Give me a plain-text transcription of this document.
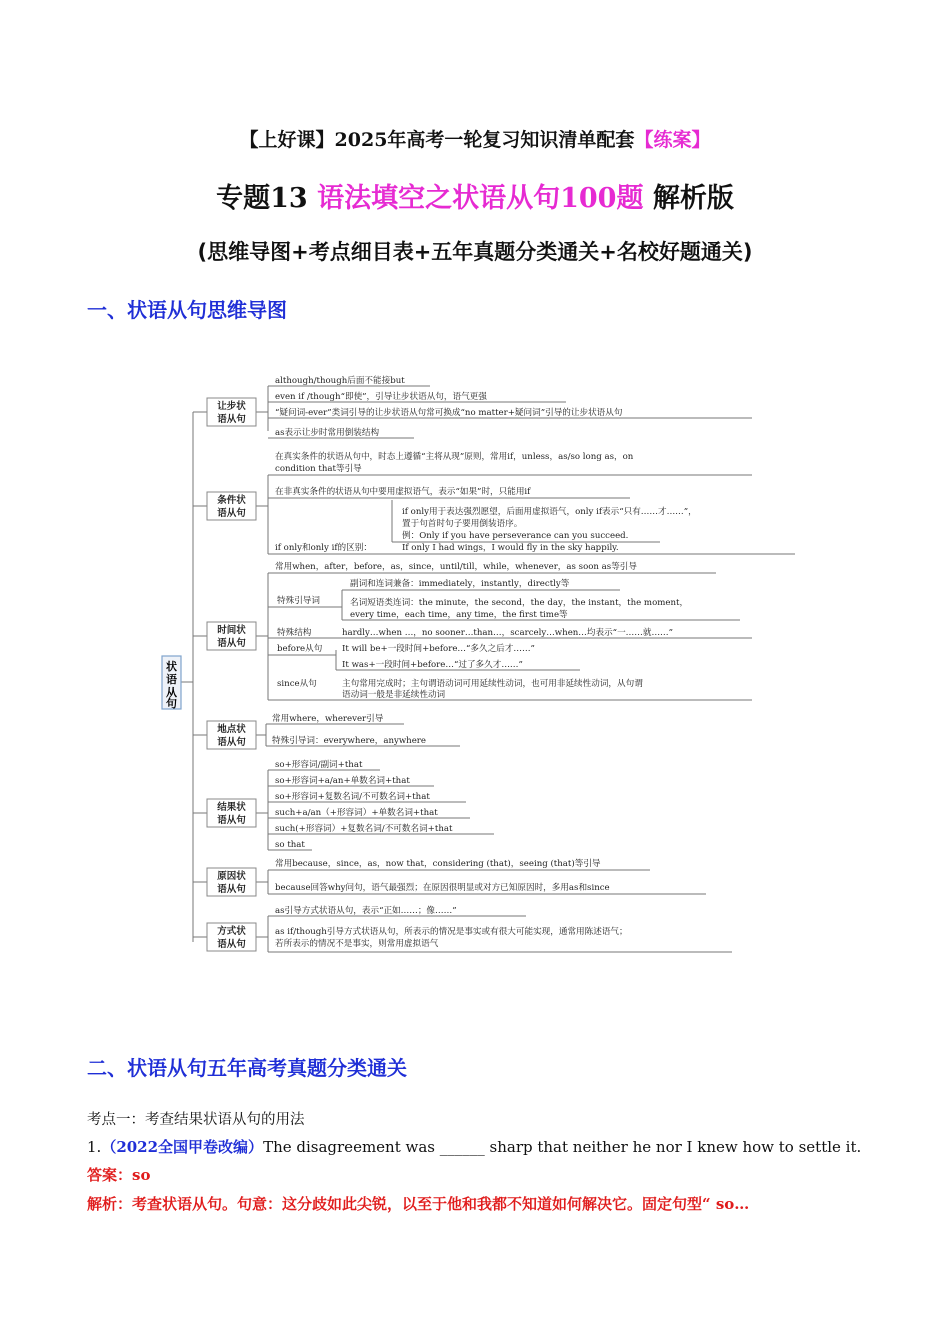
【上好课】2025年高考一轮复习知识清单配套【练案】
专题13 语法填空之状语从句100题 解析版
(思维导图+考点细目表+五年真题分类通关+名校好题通关)
一、状语从句思维导图
状
语
从
句
让步状
语从句
条件状
语从句
时间状
语从句
地点状
语从句
结果状
语从句
原因状
语从句
方式状
语从句
although/though后面不能接but
even if /though“即使”，引导让步状语从句，语气更强
“疑问词-ever”类词引导的让步状语从句常可换成“no matter+疑问词”引导的让步状语从句
as表示让步时常用倒装结构
在真实条件的状语从句中，时态上遵循“主将从现”原则，常用if，unless，as/so long as，on
condition that等引导
在非真实条件的状语从句中要用虚拟语气，表示“如果”时，只能用if
if only用于表达强烈愿望，后面用虚拟语气，only if表示“只有……才……”，
置于句首时句子要用倒装语序。
例：Only if you have perseverance can you succeed.
if only和only if的区别：	If only I had wings，I would fly in the sky happily.
常用when，after，before，as，since，until/till，while，whenever，as soon as等引导
特殊引导词
副词和连词兼备：immediately，instantly，directly等
名词短语类连词：the minute，the second，the day，the instant，the moment，
every time，each time，any time，the first time等
特殊结构	hardly…when …，no sooner…than…，scarcely…when…均表示“一……就……”
before从句 It will be+一段时间+before…“多久之后才……”
It was+一段时间+before…“过了多久才……”
since从句	主句常用完成时；主句谓语动词可用延续性动词，也可用非延续性动词，从句谓
语动词一般是非延续性动词
常用where，wherever引导
特殊引导词：everywhere，anywhere
so+形容词/副词+that
so+形容词+a/an+单数名词+that
so+形容词+复数名词/不可数名词+that
such+a/an（+形容词）+单数名词+that
such(+形容词）+复数名词/不可数名词+that
so that
常用because，since，as，now that，considering (that)，seeing (that)等引导
because回答why问句，语气最强烈；在原因很明显或对方已知原因时，多用as和since
as引导方式状语从句，表示“正如……；像……”
as if/though引导方式状语从句，所表示的情况是事实或有很大可能实现，通常用陈述语气；
若所表示的情况不是事实，则常用虚拟语气
二、状语从句五年高考真题分类通关
考点一：考查结果状语从句的用法
1.（2022全国甲卷改编）The disagreement was ______ sharp that neither he nor I knew how to settle it.
答案：so
解析：考查状语从句。句意：这分歧如此尖锐，以至于他和我都不知道如何解决它。固定句型“ so…
